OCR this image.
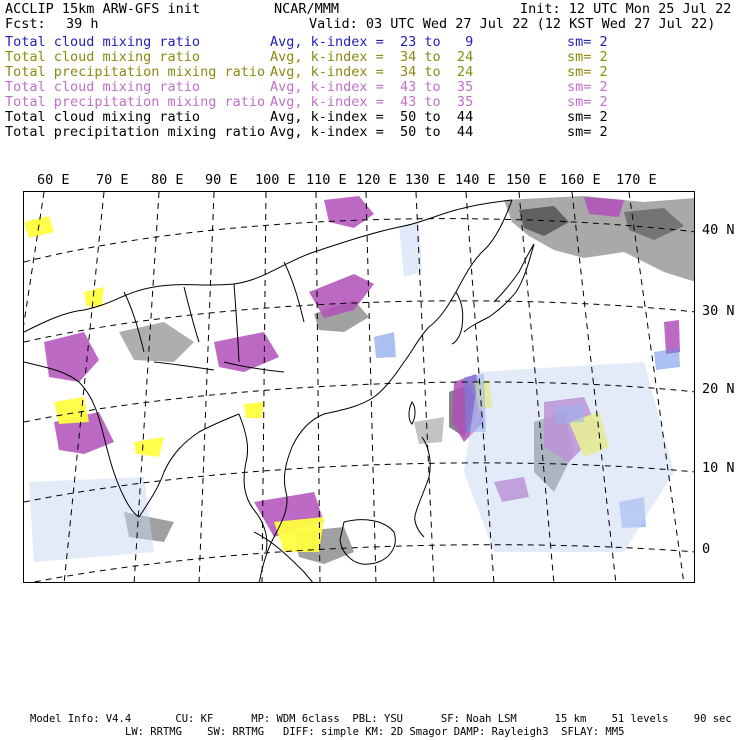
ACCLIP 15km ARW-GFS init	NCAR/MMM	Init: 12 UTC Mon 25 Jul 22
Fcst: 39 h	Valid: 03 UTC Wed 27 Jul 22 (12 KST Wed 27 Jul 22)
Total cloud mixing ratio	Avg, k-index =  23 to   9	sm= 2
Total cloud mixing ratio	Avg, k-index =  34 to  24	sm= 2
Total precipitation mixing ratio Avg, k-index =  34 to  24	sm= 2
Total cloud mixing ratio	Avg, k-index =  43 to  35	sm= 2
Total precipitation mixing ratio Avg, k-index =  43 to  35	sm= 2
Total cloud mixing ratio	Avg, k-index =  50 to  44	sm= 2
Total precipitation mixing ratio Avg, k-index =  50 to  44	sm= 2
60 E 70 E 80 E 90 E 100 E 110 E 120 E 130 E 140 E 150 E 160 E 170 E
40 N
30 N
20 N
10 N
0
Model Info: V4.4       CU: KF      MP: WDM 6class  PBL: YSU      SF: Noah LSM      15 km    51 levels    90 sec
LW: RRTMG    SW: RRTMG   DIFF: simple KM: 2D Smagor DAMP: Rayleigh3  SFLAY: MM5
